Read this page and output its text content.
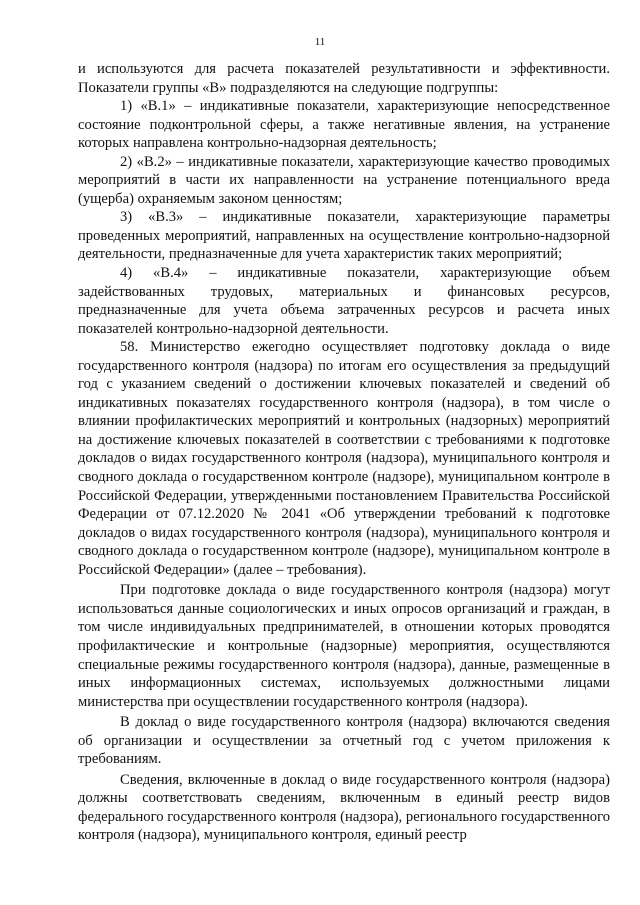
11

и используются для расчета показателей результативности и эффективности. Показатели группы «В» подразделяются на следующие подгруппы:

1) «В.1» – индикативные показатели, характеризующие непосредственное состояние подконтрольной сферы, а также негативные явления, на устранение которых направлена контрольно-надзорная деятельность;

2) «В.2» – индикативные показатели, характеризующие качество проводимых мероприятий в части их направленности на устранение потенциального вреда (ущерба) охраняемым законом ценностям;

3) «В.3» – индикативные показатели, характеризующие параметры проведенных мероприятий, направленных на осуществление контрольно-надзорной деятельности, предназначенные для учета характеристик таких мероприятий;

4) «В.4» – индикативные показатели, характеризующие объем задействованных трудовых, материальных и финансовых ресурсов, предназначенные для учета объема затраченных ресурсов и расчета иных показателей контрольно-надзорной деятельности.

58. Министерство ежегодно осуществляет подготовку доклада о виде государственного контроля (надзора) по итогам его осуществления за предыдущий год с указанием сведений о достижении ключевых показателей и сведений об индикативных показателях государственного контроля (надзора), в том числе о влиянии профилактических мероприятий и контрольных (надзорных) мероприятий на достижение ключевых показателей в соответствии с требованиями к подготовке докладов о видах государственного контроля (надзора), муниципального контроля и сводного доклада о государственном контроле (надзоре), муниципальном контроле в Российской Федерации, утвержденными постановлением Правительства Российской Федерации от 07.12.2020 № 2041 «Об утверждении требований к подготовке докладов о видах государственного контроля (надзора), муниципального контроля и сводного доклада о государственном контроле (надзоре), муниципальном контроле в Российской Федерации» (далее – требования).

При подготовке доклада о виде государственного контроля (надзора) могут использоваться данные социологических и иных опросов организаций и граждан, в том числе индивидуальных предпринимателей, в отношении которых проводятся профилактические и контрольные (надзорные) мероприятия, осуществляются специальные режимы государственного контроля (надзора), данные, размещенные в иных информационных системах, используемых должностными лицами министерства при осуществлении государственного контроля (надзора).

В доклад о виде государственного контроля (надзора) включаются сведения об организации и осуществлении за отчетный год с учетом приложения к требованиям.

Сведения, включенные в доклад о виде государственного контроля (надзора) должны соответствовать сведениям, включенным в единый реестр видов федерального государственного контроля (надзора), регионального государственного контроля (надзора), муниципального контроля, единый реестр
